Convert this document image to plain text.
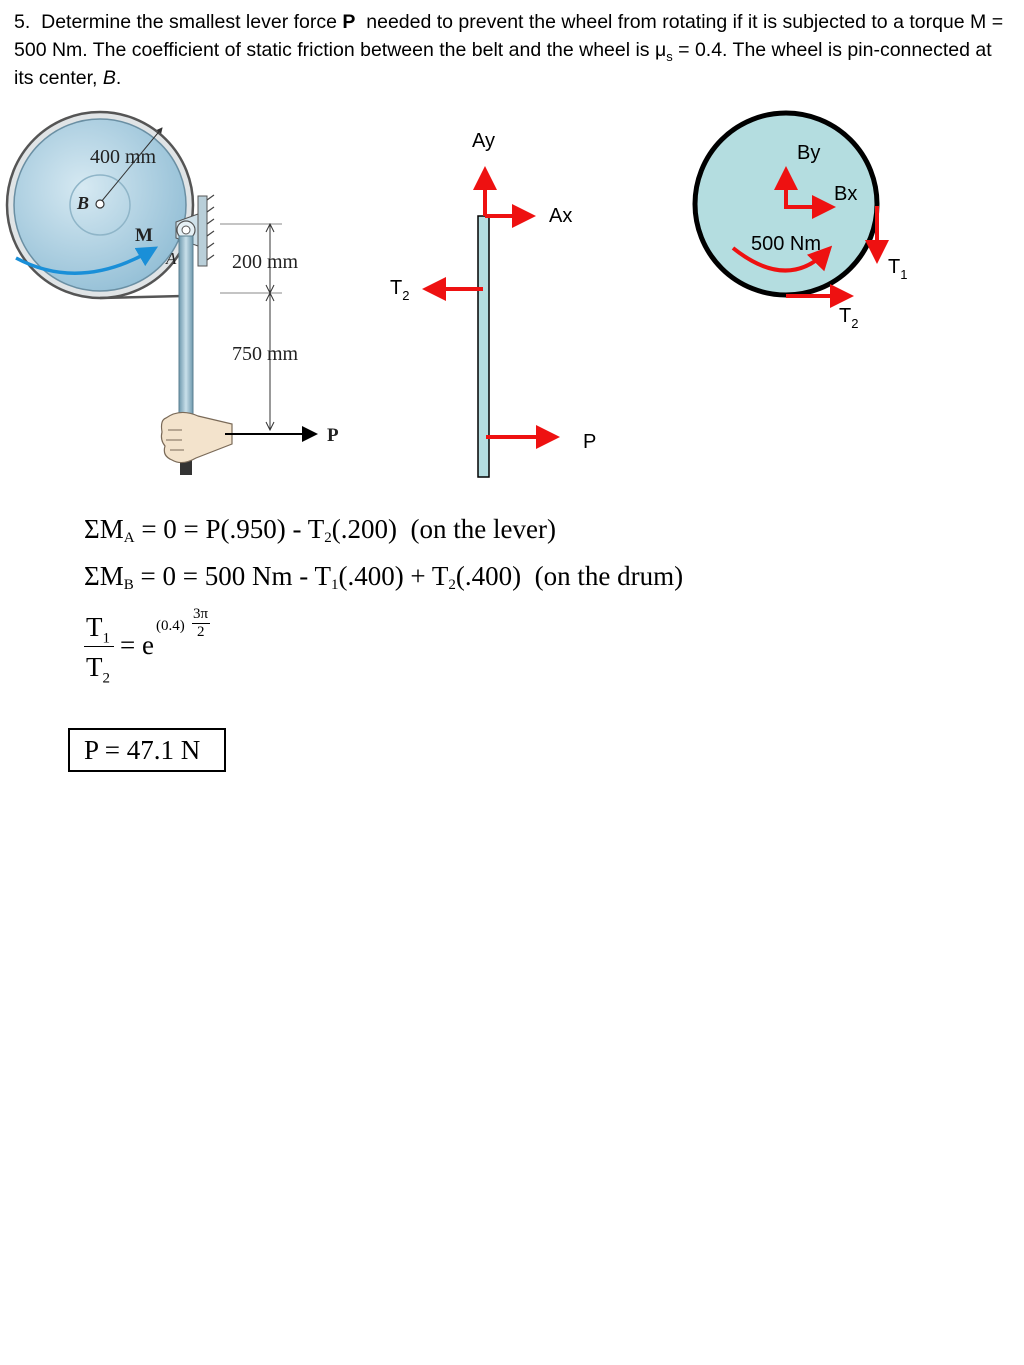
5. Determine the smallest lever force P needed to prevent the wheel from rotating if it is subjected to a torque M = 500 Nm. The coefficient of static friction between the belt and the wheel is $\mu_s = 0.4$. The wheel is pin-connected at its center, B.
400 mm
B
M
A
P
200 mm
750 mm
Ay
Ax
$T_2$
P
By
Bx
500 Nm
$T_1$
$T_2$
$\Sigma M_A = 0 = P(.950) - T_2(.200)$  (on the lever)
$\Sigma M_B = 0 = 500$ $Nm - T_1(.400) + T_2(.400)$  (on the drum)
$T_1$
$T_2$
= e
(0.4)
3π
2
P = 47.1 N
